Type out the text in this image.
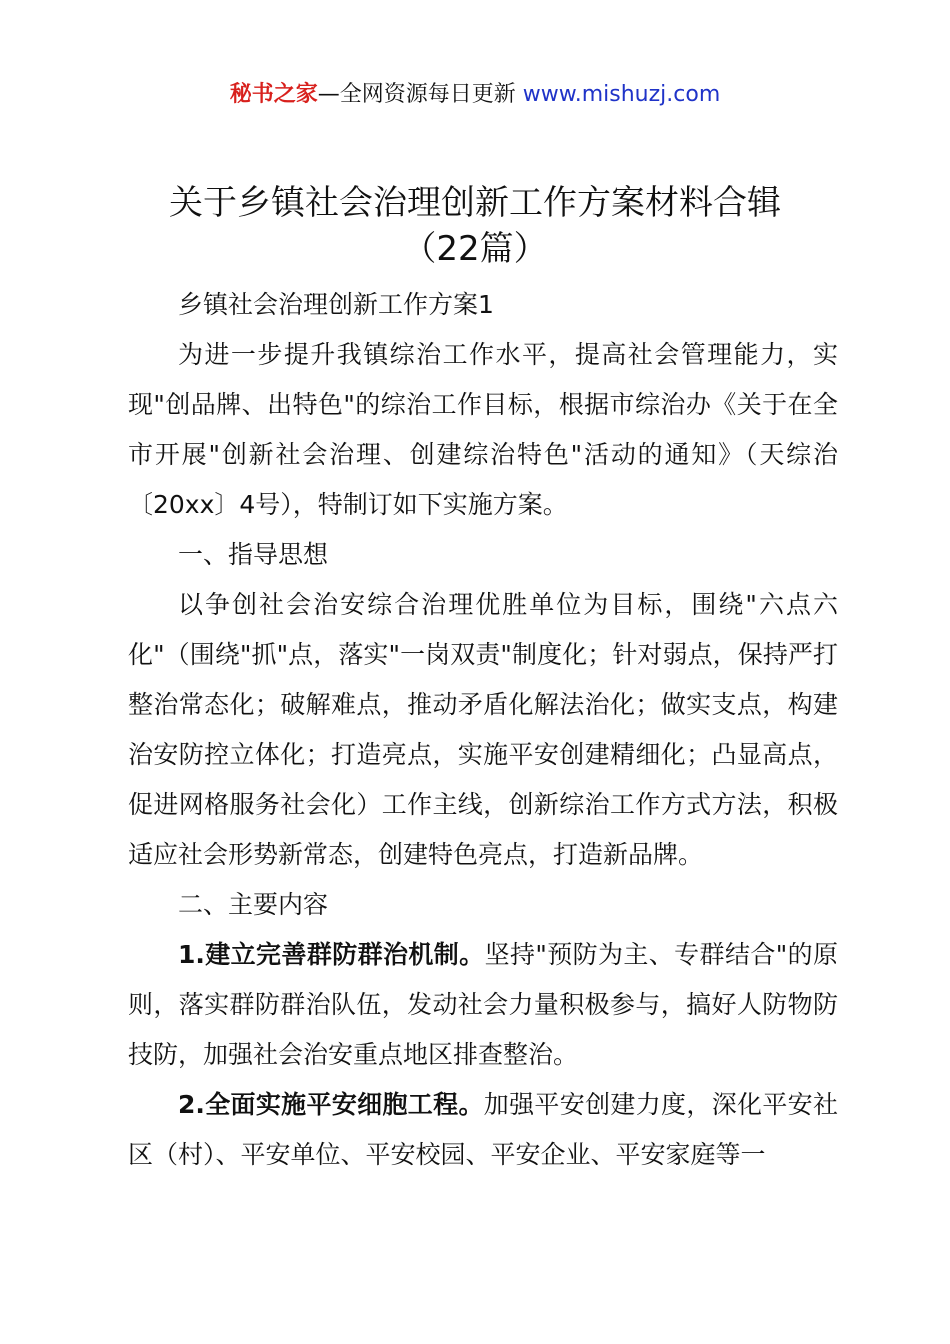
秘书之家—全网资源每日更新 www.mishuzj.com
关于乡镇社会治理创新工作方案材料合辑
（22篇）

乡镇社会治理创新工作方案1

为进一步提升我镇综治工作水平，提高社会管理能力，实现"创品牌、出特色"的综治工作目标，根据市综治办《关于在全市开展"创新社会治理、创建综治特色"活动的通知》（天综治〔20xx〕4号），特制订如下实施方案。

一、指导思想

以争创社会治安综合治理优胜单位为目标，围绕"六点六化"（围绕"抓"点，落实"一岗双责"制度化；针对弱点，保持严打整治常态化；破解难点，推动矛盾化解法治化；做实支点，构建治安防控立体化；打造亮点，实施平安创建精细化；凸显高点，促进网格服务社会化）工作主线，创新综治工作方式方法，积极适应社会形势新常态，创建特色亮点，打造新品牌。

二、主要内容

1.建立完善群防群治机制。坚持"预防为主、专群结合"的原则，落实群防群治队伍，发动社会力量积极参与，搞好人防物防技防，加强社会治安重点地区排查整治。

2.全面实施平安细胞工程。加强平安创建力度，深化平安社区（村）、平安单位、平安校园、平安企业、平安家庭等一
